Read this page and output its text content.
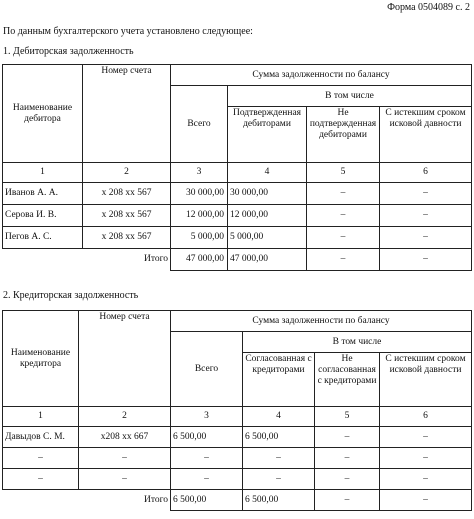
Форма 0504089 с. 2
По данным бухгалтерского учета установлено следующее:
1. Дебиторская задолженность
Наименование дебитора	Номер счета	Сумма задолженности по балансу			
		Всего	В том числе		
			Подтвержденная дебиторами	Не подтвержденная дебиторами	С истекшим сроком исковой давности
1	2	3	4	5	6
Иванов А. А.	х 208 хх 567	30 000,00	30 000,00	–	–
Серова И. В.	х 208 хх 567	12 000,00	12 000,00	–	–
Пегов А. С.	х 208 хх 567	5 000,00	5 000,00	–	–
	Итого	47 000,00	47 000,00	–	–
2. Кредиторская задолженность
Наименование кредитора	Номер счета	Сумма задолженности по балансу			
		Всего	В том числе		
			Согласованная с кредиторами	Не согласованная с кредиторами	С истекшим сроком исковой давности
1	2	3	4	5	6
Давыдов С. М.	х208 хх 667	6 500,00	6 500,00	–	–
–	–	–	–	–	–
–	–	–	–	–	–
	Итого	6 500,00	6 500,00	–	–
